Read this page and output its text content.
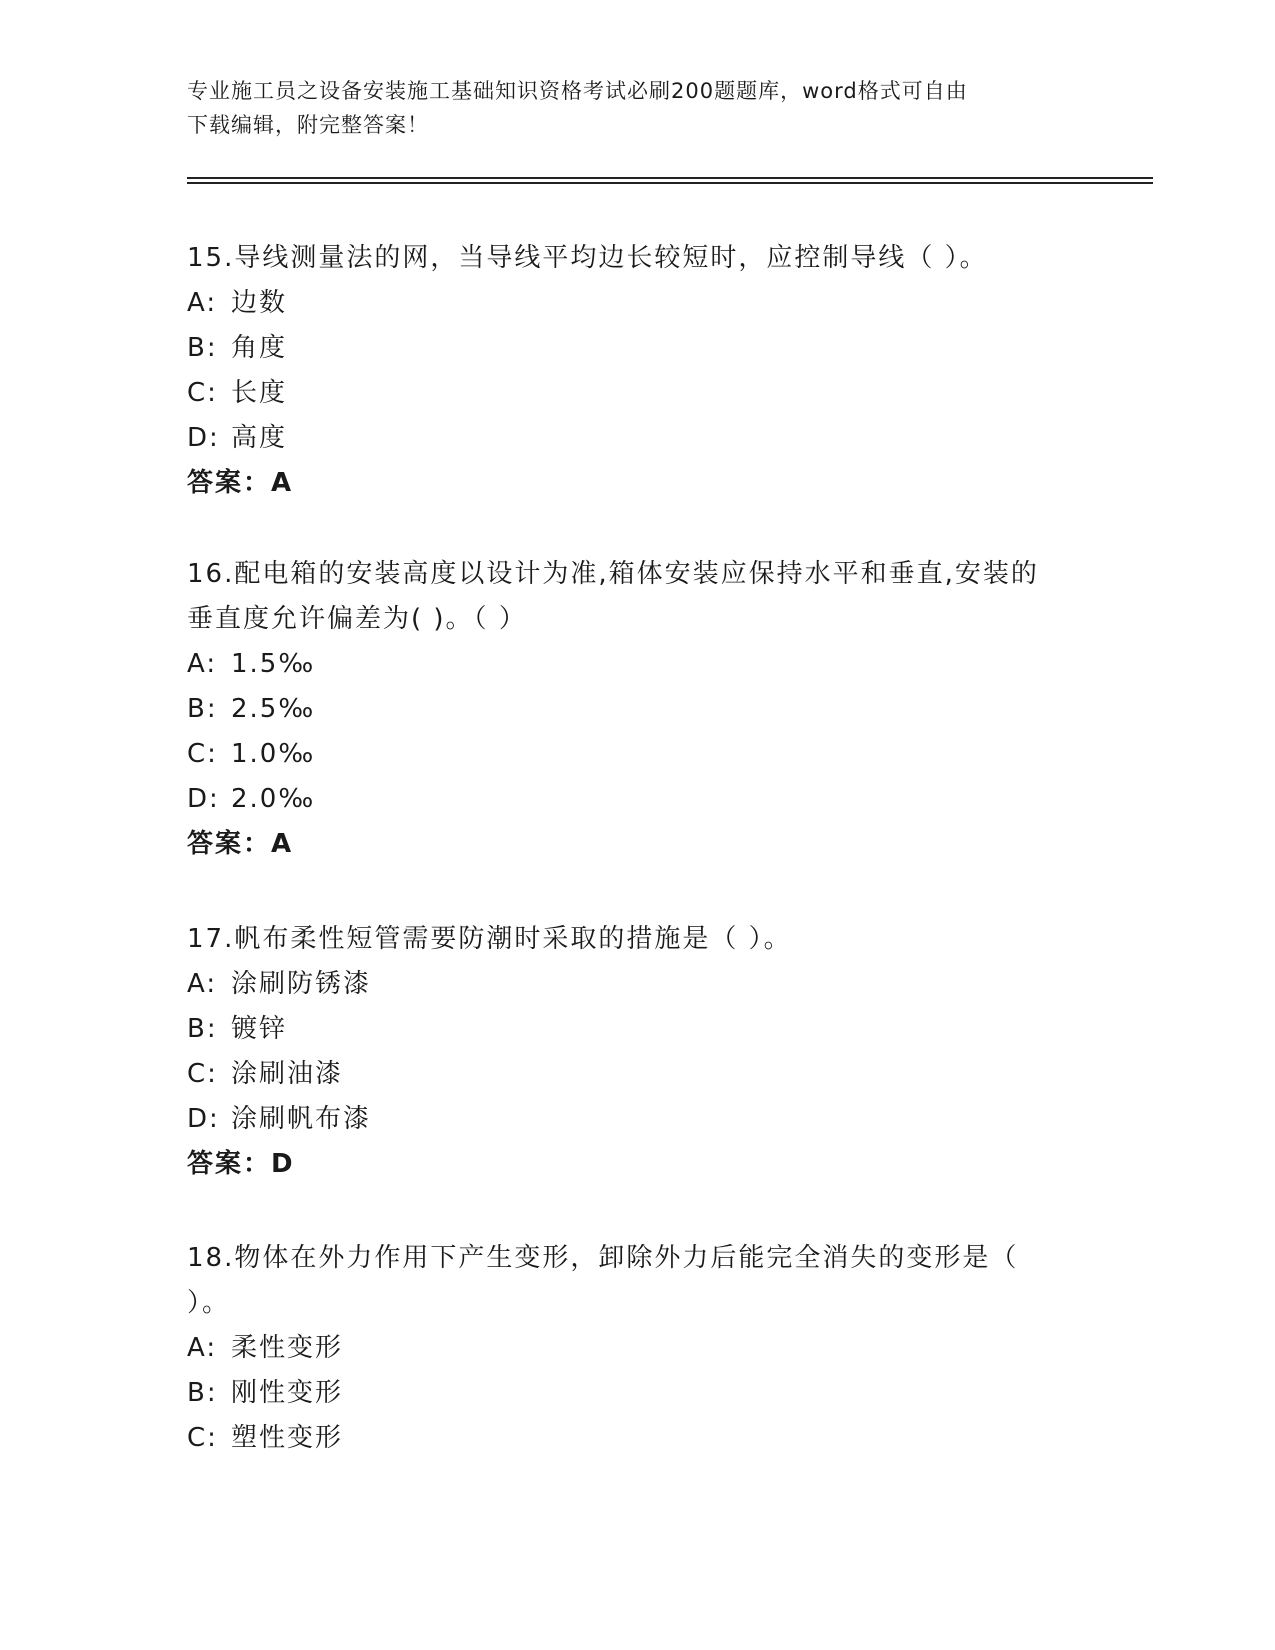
专业施工员之设备安装施工基础知识资格考试必刷200题题库，word格式可自由
下载编辑，附完整答案！

15.导线测量法的网，当导线平均边长较短时，应控制导线（ ）。

A: 边数

B: 角度

C: 长度

D: 高度

答案：A

16.配电箱的安装高度以设计为准,箱体安装应保持水平和垂直,安装的

垂直度允许偏差为( )。（ ）

A: 1.5‰

B: 2.5‰

C: 1.0‰

D: 2.0‰

答案：A

17.帆布柔性短管需要防潮时采取的措施是（ ）。

A: 涂刷防锈漆

B: 镀锌

C: 涂刷油漆

D: 涂刷帆布漆

答案：D

18.物体在外力作用下产生变形，卸除外力后能完全消失的变形是（

）。

A: 柔性变形

B: 刚性变形

C: 塑性变形
